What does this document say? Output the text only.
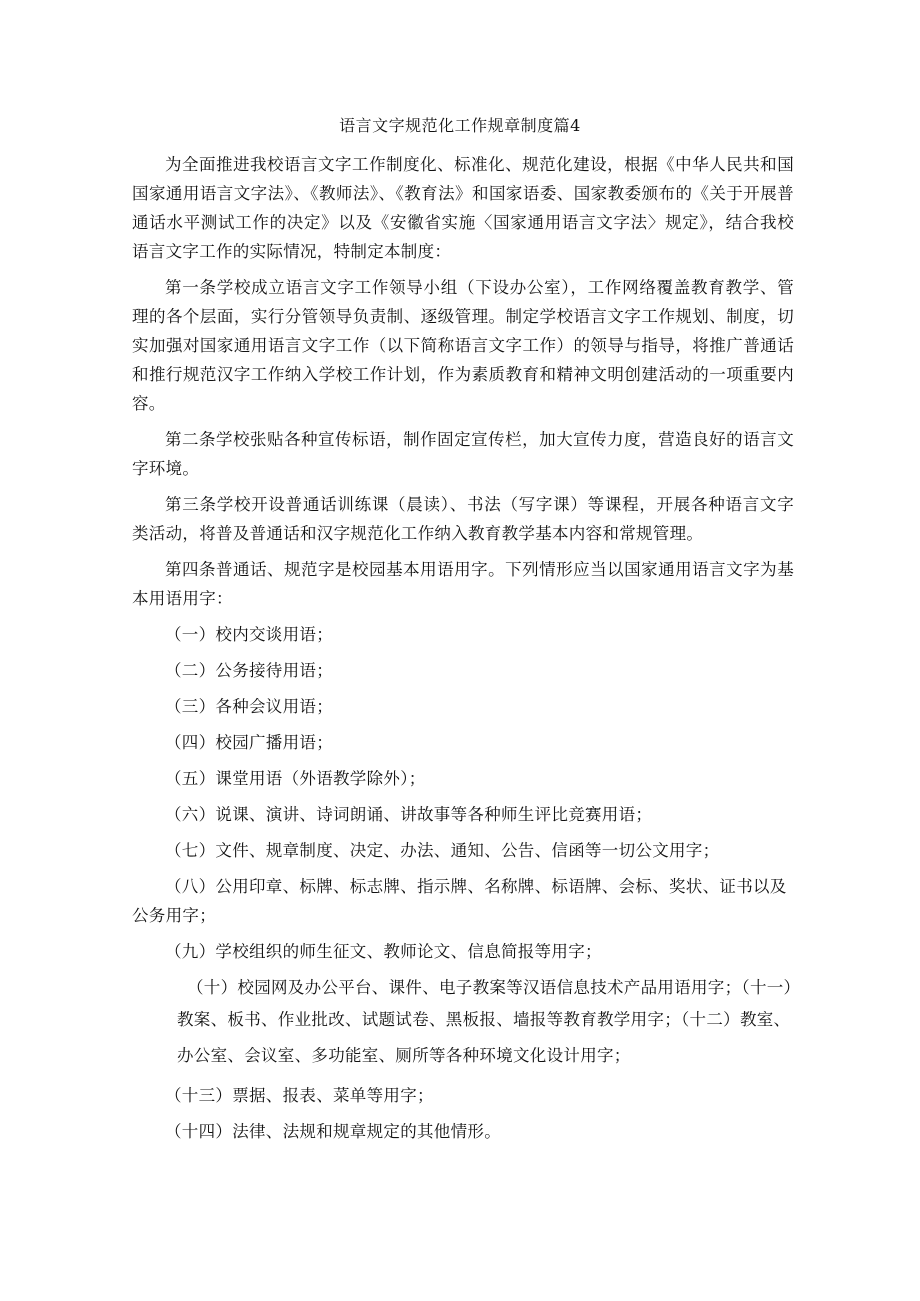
语言文字规范化工作规章制度篇4

为全面推进我校语言文字工作制度化、标准化、规范化建设，根据《中华人民共和国国家通用语言文字法》、《教师法》、《教育法》和国家语委、国家教委颁布的《关于开展普通话水平测试工作的决定》以及《安徽省实施〈国家通用语言文字法〉规定》，结合我校语言文字工作的实际情况，特制定本制度：

第一条学校成立语言文字工作领导小组（下设办公室），工作网络覆盖教育教学、管理的各个层面，实行分管领导负责制、逐级管理。制定学校语言文字工作规划、制度，切实加强对国家通用语言文字工作（以下简称语言文字工作）的领导与指导，将推广普通话和推行规范汉字工作纳入学校工作计划，作为素质教育和精神文明创建活动的一项重要内容。

第二条学校张贴各种宣传标语，制作固定宣传栏，加大宣传力度，营造良好的语言文字环境。

第三条学校开设普通话训练课（晨读）、书法（写字课）等课程，开展各种语言文字类活动，将普及普通话和汉字规范化工作纳入教育教学基本内容和常规管理。

第四条普通话、规范字是校园基本用语用字。下列情形应当以国家通用语言文字为基本用语用字：

（一）校内交谈用语；

（二）公务接待用语；

（三）各种会议用语；

（四）校园广播用语；

（五）课堂用语（外语教学除外）；

（六）说课、演讲、诗词朗诵、讲故事等各种师生评比竞赛用语；

（七）文件、规章制度、决定、办法、通知、公告、信函等一切公文用字；

（八）公用印章、标牌、标志牌、指示牌、名称牌、标语牌、会标、奖状、证书以及公务用字；

（九）学校组织的师生征文、教师论文、信息简报等用字；

（十）校园网及办公平台、课件、电子教案等汉语信息技术产品用语用字；（十一）
教案、板书、作业批改、试题试卷、黑板报、墙报等教育教学用字；（十二）教室、
办公室、会议室、多功能室、厕所等各种环境文化设计用字；

（十三）票据、报表、菜单等用字；

（十四）法律、法规和规章规定的其他情形。
